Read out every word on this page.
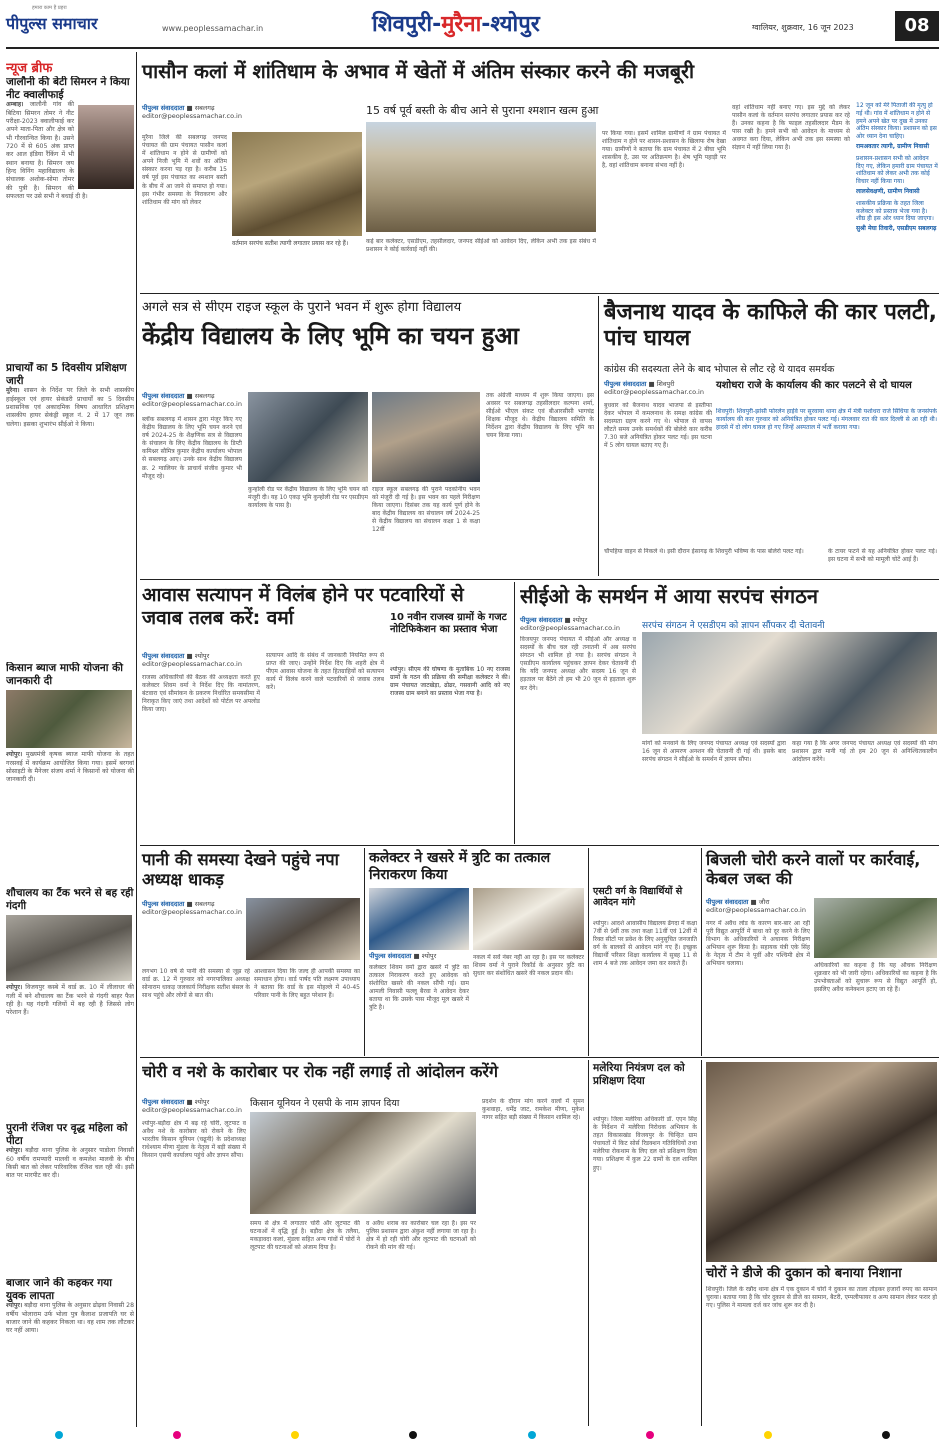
पीपुल्स समाचार
हमारा काम है प्रहरा
www.peoplessamachar.in	शिवपुरी-मुरैना-श्योपुर	ग्वालियर, शुक्रवार, 16 जून 2023	08
न्यूज ब्रीफ
जालौनी की बेटी सिमरन ने किया नीट क्वालीफाई
अम्बाह। जालौनी गांव की बिटिया सिमरन तोमर ने नीट परीक्षा-2023 क्वालीफाई कर अपने माता-पिता और क्षेत्र को भी गौरवान्वित किया है। उसने 720 में से 605 अंक प्राप्त कर आल इंडिया रैंकिंग में भी स्थान बनाया है। सिमरन जय हिन्द विनिंग महाविद्यालय के संचालक अशोक-सोमा तोमर की पुत्री है। सिमरन की सफलता पर उसे सभी ने बधाई दी है।
प्राचार्यों का 5 दिवसीय प्रशिक्षण जारी
मुरैना। शासन के निर्देश पर जिले के सभी शासकीय हाईस्कूल एवं हायर सेकंडरी प्राचार्यों का 5 दिवसीय प्रशासनिक एवं अकादमिक विषय आधारित प्रशिक्षण शासकीय हायर सेकंड्री स्कूल नं. 2 में 17 जून तक चलेगा। इसका शुभारंभ सीईओ ने किया।
किसान ब्याज माफी योजना की जानकारी दी
श्योपुर। मुख्यमंत्री कृषक ब्याज माफी योजना के तहत गरसवई में कार्यक्रम आयोजित किया गया। इसमें बरगवां सोसाइटी के मैनेजर संजय शर्मा ने किसानों को योजना की जानकारी दी।
शौचालय का टैंक भरने से बह रही गंदगी
श्योपुर। विजयपुर कस्बे में वार्ड क्र. 10 में लीलाधर की गली में बने शौचालय का टैंक भरने से गंदगी बाहर फैल रही है। यह गंदगी गलियों में बह रही है जिससे लोग परेशान हैं।
पुरानी रंजिश पर वृद्ध महिला को पीटा
श्योपुर। बड़ौदा थाना पुलिस के अनुसार पाडोला निवासी 60 वर्षीय रामप्यारी मालवी व कमलेश मालवी के बीच किसी बात को लेकर पारिवारिक रंजिश चल रही थी। इसी बात पर मारपीट कर दी।
बाजार जाने की कहकर गया युवक लापता
श्योपुर। बड़ौदा थाना पुलिस के अनुसार ढोढ़वा निवासी 28 वर्षीय भोलाराम उर्फ भोला पुत्र कैलाश प्रजापति घर से बाजार जाने की कहकर निकला था। वह शाम तक लौटकर घर नहीं आया।
पासौन कलां में शांतिधाम के अभाव में खेतों में अंतिम संस्कार करने की मजबूरी
पीपुल्स संवाददाता ■ सबलगढ़
editor@peoplessamachar.co.in
मुरैना जिले की सबलगढ़ जनपद पंचायत की ग्राम पंचायत पासौन कलां में शांतिधाम न होने से ग्रामीणों को अपने निजी भूमि में शवों का अंतिम संस्कार करना पड़ रहा है। करीब 15 वर्ष पूर्व इस पंचायत का श्मशान बस्ती के बीच में आ जाने से समाप्त हो गया। इस गंभीर समस्या के निराकरण और शांतिधाम की मांग को लेकर
वर्तमान सरपंच सतीश त्यागी लगातार प्रयास कर रहे हैं।
15 वर्ष पूर्व बस्ती के बीच आने से पुराना श्मशान खत्म हुआ
कई बार कलेक्टर, एसडीएम, तहसीलदार, जनपद सीईओ को आवेदन दिए, लेकिन अभी तक इस संबंध में प्रशासन ने कोई कार्रवाई नहीं की।
पर किया गया। इसमें शामिल ग्रामीणों ने ग्राम पंचायत में शांतिधाम न होने पर शासन-प्रशासन के खिलाफ रोष देखा गया। ग्रामीणों ने बताया कि ग्राम पंचायत में 2 बीघा भूमि शासकीय है, उस पर अतिक्रमण है। शेष भूमि पहाड़ी पर है, वहां शांतिधाम बनाना संभव नहीं है।
वहां शांतिधाम नहीं बनाए गए। इस मुद्दे को लेकर पासौन कलां के वर्तमान सरपंच लगातार प्रयास कर रहे हैं। उनका कहना है कि फाइल तहसीलदार मैडम के पास रखी है। हमने सभी को आवेदन के माध्यम से अवगत करा दिया, लेकिन अभी तक इस समस्या को संज्ञान में नहीं लिया गया है।
12 जून को मेरे पिताजी की मृत्यु हो गई थी। गांव में शांतिधाम न होने से हमने अपने खेत पर दुख में उनका अंतिम संस्कार किया। प्रशासन को इस ओर ध्यान देना चाहिए।
रामअवतार त्यागी, ग्रामीण निवासी
प्रशासन-प्रशासन सभी को आवेदन दिए गए, लेकिन हमारी ग्राम पंचायत में शांतिधाम को लेकर अभी तक कोई विचार नहीं किया गया।
लालसेवक्षणी, ग्रामीण निवासी
शासकीय प्रक्रिया के तहत जिला कलेक्टर को प्रस्ताव भेजा गया है। शीघ्र ही इस ओर ध्यान दिया जाएगा।
सुश्री मेघा तिवारी, एसडीएम सबलगढ़
अगले सत्र से सीएम राइज स्कूल के पुराने भवन में शुरू होगा विद्यालय
केंद्रीय विद्यालय के लिए भूमि का चयन हुआ
पीपुल्स संवाददाता ■ सबलगढ़
editor@peoplessamachar.co.in
ब्लॉक सबलगढ़ में शासन द्वारा मंजूर किए गए केंद्रीय विद्यालय के लिए भूमि चयन करने एवं वर्ष 2024-25 के शैक्षणिक सत्र से विद्यालय के संचालन के लिए केंद्रीय विद्यालय के डिप्टी कमिश्नर सौमित्र कुमार केंद्रीय कार्यालय भोपाल से सबलगढ़ आए। उनके साथ केंद्रीय विद्यालय क्र. 2 ग्वालियर के प्राचार्य संजीव कुमार भी मौजूद रहे।
कुन्होली रोड पर केंद्रीय विद्यालय के लिए भूमि चयन को मंजूरी दी। यह 10 एकड़ भूमि कुन्होली रोड पर एसडीएम कार्यालय के पास है।
राइज स्कूल सबलगढ़ की पुराने पदकोनीय भवन को मंजूरी दी गई है। इस भवन का पहले निरीक्षण किया जाएगा। दिसंबर तक यह कार्य पूर्ण होने के बाद केंद्रीय विद्यालय का संचालन वर्ष 2024-25 से केंद्रीय विद्यालय का संचालन कक्षा 1 से कक्षा 12वीं
तक अंग्रेजी माध्यम में शुरू किया जाएगा। इस अवसर पर सबलगढ़ तहसीलदार कल्पना शर्मा, सीईओ भीएल संकट एवं बीआरसीसी भागचंद्र शिक्षक मौजूद थे। केंद्रीय विद्यालय समिति के निर्देशन द्वारा केंद्रीय विद्यालय के लिए भूमि का चयन किया गया।
बैजनाथ यादव के काफिले की कार पलटी, पांच घायल
कांग्रेस की सदस्यता लेने के बाद भोपाल से लौट रहे थे यादव समर्थक
पीपुल्स संवाददाता ■ शिवपुरी
editor@peoplessamachar.co.in
बुधवार को बैजनाथ यादव भाजपा से इस्तीफा देकर भोपाल में कमलनाथ के समक्ष कांग्रेस की सदस्यता ग्रहण करने गए थे। भोपाल से वापस लौटते समय उनके समर्थकों की बोलेरो कार करीब 7.30 बजे अनियंत्रित होकर पलट गई। इस घटना में 5 लोग घायल बताए गए हैं।
यशोधरा राजे के कार्यालय की कार पलटने से दो घायल
शिवपुरी। शिवपुरी-झांसी फोरलेन हाईवे पर सुरवाया थाना क्षेत्र में मंत्री यशोधरा राजे सिंधिया के जनसंपर्क कार्यालय की कार गुरुवार को अनियंत्रित होकर पलट गई। मंगलवार रात की कार दिल्ली से आ रही थी। हादसे में दो लोग घायल हो गए जिन्हें अस्पताल में भर्ती कराया गया।
चौपहिया वाहन से निकले थे। इसी दौरान ईसागढ़ के शिवपुरी भविष्य के पास बोलेरो पलट गई।	के टायर फटने से यह अनियंत्रित होकर पलट गई। इस घटना में सभी को मामूली चोटें आई हैं।
आवास सत्यापन में विलंब होने पर पटवारियों से जवाब तलब करें: वर्मा
पीपुल्स संवाददाता ■ श्योपुर
editor@peoplessamachar.co.in
राजस्व अधिकारियों की बैठक की अध्यक्षता करते हुए कलेक्टर शिवम वर्मा ने निर्देश दिए कि नामांतरण, बंटवारा एवं सीमांकन के प्रकरण निर्धारित समयसीमा में निराकृत किए जाएं तथा आदेशों को पोर्टल पर अपलोड किया जाए।
सत्यापन आदि के संबंध में जानकारी नियमित रूप से प्राप्त की जाए। उन्होंने निर्देश दिए कि शहरी क्षेत्र में पीएम आवास योजना के तहत हितग्राहियों को सत्यापन कार्य में विलंब करने वाले पटवारियों से जवाब तलब करें।
10 नवीन राजस्व ग्रामों के गजट नोटिफिकेशन का प्रस्ताव भेजा
श्योपुर। सीएम की घोषणा के मुताबिक 10 नए राजस्व ग्रामों के गठन की प्रक्रिया की समीक्षा कलेक्टर ने की। ग्राम पंचायत जाटखेड़ा, ढोढर, गसवानी आदि को नए राजस्व ग्राम बनाने का प्रस्ताव भेजा गया है।
सीईओ के समर्थन में आया सरपंच संगठन
पीपुल्स संवाददाता ■ श्योपुर
editor@peoplessamachar.co.in
विजयपुर जनपद पंचायत में सीईओ और अध्यक्ष व सदस्यों के बीच चल रही तनातनी में अब सरपंच संगठन भी शामिल हो गया है। सरपंच संगठन ने एसडीएम कार्यालय पहुंचकर ज्ञापन देकर चेतावनी दी कि यदि जनपद अध्यक्ष और सदस्य 16 जून से हड़ताल पर बैठेंगे तो हम भी 20 जून से हड़ताल शुरू कर देंगे।
सरपंच संगठन ने एसडीएम को ज्ञापन सौंपकर दी चेतावनी
मांगों को मनवाने के लिए जनपद पंचायत अध्यक्ष एवं सदस्यों द्वारा 16 जून से आमरण अनशन की चेतावनी दी गई थी। इसके बाद सरपंच संगठन ने सीईओ के समर्थन में ज्ञापन सौंपा।
कहा गया है कि अगर जनपद पंचायत अध्यक्ष एवं सदस्यों की मांग प्रशासन द्वारा मानी गई तो हम 20 जून से अनिश्चितकालीन आंदोलन करेंगे।
पानी की समस्या देखने पहुंचे नपा अध्यक्ष धाकड़
पीपुल्स संवाददाता ■ सबलगढ़
editor@peoplessamachar.co.in
लगभग 10 वर्ष से पानी की समस्या से जूझ रहे वार्ड क्र. 12 में गुरुवार को नगरपालिका अध्यक्ष सोनाराम धाकड़ जलकार्य निरीक्षक सतीश बंसल के साथ पहुंचे और लोगों से बात की।
आश्वासन दिया कि जल्द ही आपकी समस्या का समाधान होगा। वार्ड पार्षद पति लक्ष्मण उपाध्याय ने बताया कि वार्ड के इस मोहल्ले में 40-45 परिवार पानी के लिए बहुत परेशान हैं।
कलेक्टर ने खसरे में त्रुटि का तत्काल निराकरण किया
पीपुल्स संवाददाता ■ श्योपुर
कलेक्टर शिवम वर्मा द्वारा खसरे में त्रुटि का तत्काल निराकरण करते हुए आवेदक को संशोधित खसरे की नकल सौंपी गई। ग्राम आमली निवासी फल्लू बैरवा ने आवेदन देकर बताया था कि उसके पास मौजूद मूल खसरे में त्रुटि है।
नकल में सर्वे नंबर नहीं आ रहा है। इस पर कलेक्टर शिवम वर्मा ने पुराने रिकॉर्ड के अनुसार त्रुटि का सुधार कर संशोधित खसरे की नकल प्रदान की।
एसटी वर्ग के विद्यार्थियों से आवेदन मांगे
श्योपुर। आदर्श आवासीय विद्यालय ढेंगदा में कक्षा 7वीं से 9वीं तक तथा कक्षा 11वीं एवं 12वीं में रिक्त सीटों पर प्रवेश के लिए अनुसूचित जनजाति वर्ग के बालकों से आवेदन मांगे गए हैं। इच्छुक विद्यार्थी परिसर शिक्षा कार्यालय में सुबह 11 से शाम 4 बजे तक आवेदन जमा कर सकते हैं।
बिजली चोरी करने वालों पर कार्रवाई, केबल जब्त की
पीपुल्स संवाददाता ■ जौरा
editor@peoplessamachar.co.in
नगर में अवैध लोड के कारण बार-बार आ रही पूरी विद्युत आपूर्ति में बाधा को दूर करने के लिए विभाग के अधिकारियों ने अचानक निरीक्षण अभियान शुरू किया है। सहायक यंत्री एके सिंह के नेतृत्व में टीम ने पूर्वी और पश्चिमी क्षेत्र में अभियान चलाया।	अधिकारियों का कहना है कि यह औचक निरीक्षण शुक्रवार को भी जारी रहेगा। अधिकारियों का कहना है कि उपभोक्ताओं को सुचारू रूप से विद्युत आपूर्ति हो, इसलिए अवैध कनेक्शन हटाए जा रहे हैं।
चोरी व नशे के कारोबार पर रोक नहीं लगाई तो आंदोलन करेंगे
पीपुल्स संवाददाता ■ श्योपुर
editor@peoplessamachar.co.in
श्योपुर-बड़ौदा क्षेत्र में बढ़ रहे चोरी, लूटपाट व अवैध नशे के कारोबार को रोकने के लिए भारतीय किसान यूनियन (चढूनी) के प्रदेशाध्यक्ष राधेश्याम मीणा मुंडला के नेतृत्व में बड़ी संख्या में किसान एसपी कार्यालय पहुंचे और ज्ञापन सौंपा।
किसान यूनियन ने एसपी के नाम ज्ञापन दिया
समय से क्षेत्र में लगातार चोरी और लूटपाट की घटनाओं में वृद्धि हुई है। बड़ौदा क्षेत्र के तलैया, मकड़ावदा कलां, मुंडला सहित अन्य गांवों में चोरों ने लूटपाट की घटनाओं को अंजाम दिया है।
व अवैध शराब का कारोबार चल रहा है। इस पर पुलिस प्रशासन द्वारा अंकुश नहीं लगाया जा रहा है। क्षेत्र में हो रही चोरी और लूटपाट की घटनाओं को रोकने की मांग की गई।
प्रदर्शन के दौरान मांग करने वालों में सुमन कुशवाहा, धर्मेंद्र जाट, रामकेश मीणा, मुकेश नागर सहित बड़ी संख्या में किसान शामिल रहे।
मलेरिया नियंत्रण दल को प्रशिक्षण दिया
श्योपुर। जिला मलेरिया अधिकारी डॉ. एएन सिंह के निर्देशन में मलेरिया निरोधक अभियान के तहत विकासखंड विजयपुर के चिन्हित ग्राम पंचायतों में किट सोर्स रिडक्शन गतिविधियों तथा मलेरिया रोकथाम के लिए दल को प्रशिक्षण दिया गया। प्रशिक्षण में कुल 22 ग्रामों के दल शामिल हुए।
चोरों ने डीजे की दुकान को बनाया निशाना
शिवपुरी। जिले के रन्नौद थाना क्षेत्र में एक दुकान में चोरों ने दुकान का ताला तोड़कर हजारों रुपए का सामान चुराया। बताया गया है कि चोर दुकान से डीजे का सामान, बैटरी, एम्पलीफायर व अन्य सामान लेकर फरार हो गए। पुलिस ने मामला दर्ज कर जांच शुरू कर दी है।
